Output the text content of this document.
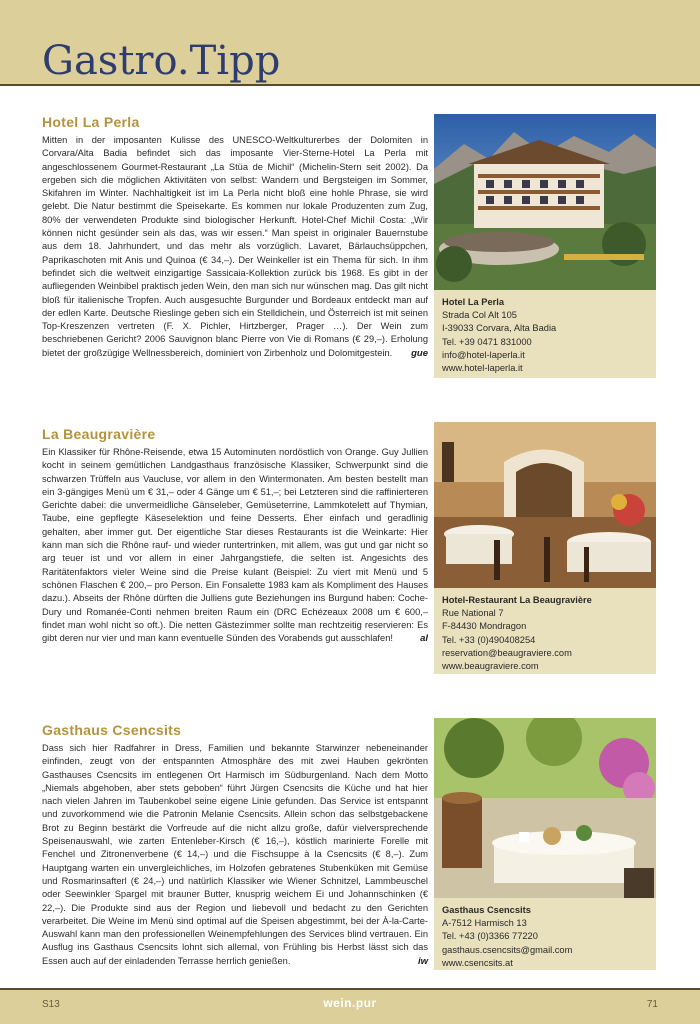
Gastro.Tipp
Hotel La Perla

Mitten in der imposanten Kulisse des UNESCO-Weltkulturerbes der Dolomiten in Corvara/Alta Badia befindet sich das imposante Vier-Sterne-Hotel La Perla mit angeschlossenem Gourmet-Restaurant „La Stüa de Michil“ (Michelin-Stern seit 2002). Da ergeben sich die möglichen Aktivitäten von selbst: Wandern und Bergsteigen im Sommer, Skifahren im Winter. Nachhaltigkeit ist im La Perla nicht bloß eine hohle Phrase, sie wird gelebt. Die Natur bestimmt die Speisekarte. Es kommen nur lokale Produzenten zum Zug, 80% der verwendeten Produkte sind biologischer Herkunft. Hotel-Chef Michil Costa: „Wir können nicht gesünder sein als das, was wir essen.“ Man speist in originaler Bauernstube aus dem 18. Jahrhundert, und das mehr als vorzüglich. Lavaret, Bärlauchsüppchen, Paprikaschoten mit Anis und Quinoa (€ 34,–). Der Weinkeller ist ein Thema für sich. In ihm befindet sich die weltweit einzigartige Sassicaia-Kollektion zurück bis 1968. Es gibt in der aufliegenden Weinbibel praktisch jeden Wein, den man sich nur wünschen mag. Das gilt nicht bloß für italienische Tropfen. Auch ausgesuchte Burgunder und Bordeaux entdeckt man auf der edlen Karte. Deutsche Rieslinge geben sich ein Stelldichein, und Österreich ist mit seinen Top-Kreszenzen vertreten (F. X. Pichler, Hirtzberger, Prager …). Der Wein zum beschriebenen Gericht? 2006 Sauvignon blanc Pierre von Vie di Romans (€ 29,–). Erholung bietet der großzügige Wellnessbereich, dominiert von Zirbenholz und Dolomitgestein.	gue
Hotel La Perla
Strada Col Alt 105
I-39033 Corvara, Alta Badia
Tel. +39 0471 831000
info@hotel-laperla.it
www.hotel-laperla.it
La Beaugravière

Ein Klassiker für Rhône-Reisende, etwa 15 Autominuten nordöstlich von Orange. Guy Jullien kocht in seinem gemütlichen Landgasthaus französische Klassiker, Schwerpunkt sind die schwarzen Trüffeln aus Vaucluse, vor allem in den Wintermonaten. Am besten bestellt man ein 3-gängiges Menü um € 31,– oder 4 Gänge um € 51,–; bei Letzteren sind die raffinierteren Gerichte dabei: die unvermeidliche Gänseleber, Gemüseterrine, Lammkotelett auf Thymian, Taube, eine gepflegte Käseselektion und feine Desserts. Eher einfach und geradlinig gehalten, aber immer gut. Der eigentliche Star dieses Restaurants ist die Weinkarte: Hier kann man sich die Rhône rauf- und wieder runtertrinken, mit allem, was gut und gar nicht so arg teuer ist und vor allem in einer Jahrgangstiefe, die selten ist. Angesichts des Raritätenfaktors vieler Weine sind die Preise kulant (Beispiel: Zu viert mit Menü und 5 schönen Flaschen € 200,– pro Person. Ein Fonsalette 1983 kam als Kompliment des Hauses dazu.). Abseits der Rhône dürften die Julliens gute Beziehungen ins Burgund haben: Coche-Dury und Romanée-Conti nehmen breiten Raum ein (DRC Echézeaux 2008 um € 600,– findet man wohl nicht so oft.). Die netten Gästezimmer sollte man rechtzeitig reservieren: Es gibt deren nur vier und man kann eventuelle Sünden des Vorabends gut ausschlafen!	al
Hotel-Restaurant La Beaugravière
Rue National 7
F-84430 Mondragon
Tel. +33 (0)490408254
reservation@beaugraviere.com
www.beaugraviere.com
Gasthaus Csencsits

Dass sich hier Radfahrer in Dress, Familien und bekannte Starwinzer nebeneinander einfinden, zeugt von der entspannten Atmosphäre des mit zwei Hauben gekrönten Gasthauses Csencsits im entlegenen Ort Harmisch im Südburgenland. Nach dem Motto „Niemals abgehoben, aber stets geboben“ führt Jürgen Csencsits die Küche und hat hier nach vielen Jahren im Taubenkobel seine eigene Linie gefunden. Das Service ist entspannt und zuvorkommend wie die Patronin Melanie Csencsits. Allein schon das selbstgebackene Brot zu Beginn bestärkt die Vorfreude auf die nicht allzu große, dafür vielversprechende Speisenauswahl, wie zarten Entenleber-Kirsch (€ 16,–), köstlich marinierte Forelle mit Fenchel und Zitronenverbene (€ 14,–) und die Fischsuppe à la Csencsits (€ 8,–). Zum Hauptgang warten ein unvergleichliches, im Holzofen gebratenes Stubenküken mit Gemüse und Rosmarinsafterl (€ 24,–) und natürlich Klassiker wie Wiener Schnitzel, Lammbeuschel oder Seewinkler Spargel mit brauner Butter, knusprig weichem Ei und Johannschinken (€ 22,–). Die Produkte sind aus der Region und liebevoll und bedacht zu den Gerichten verarbeitet. Die Weine im Menü sind optimal auf die Speisen abgestimmt, bei der À-la-Carte-Auswahl kann man den professionellen Weinempfehlungen des Services blind vertrauen. Ein Ausflug ins Gasthaus Csencsits lohnt sich allemal, von Frühling bis Herbst lässt sich das Essen auch auf der einladenden Terrasse herrlich genießen.	iw
Gasthaus Csencsits
A-7512 Harmisch 13
Tel. +43 (0)3366 77220
gasthaus.csencsits@gmail.com
www.csencsits.at
S13	wein.pur	71
